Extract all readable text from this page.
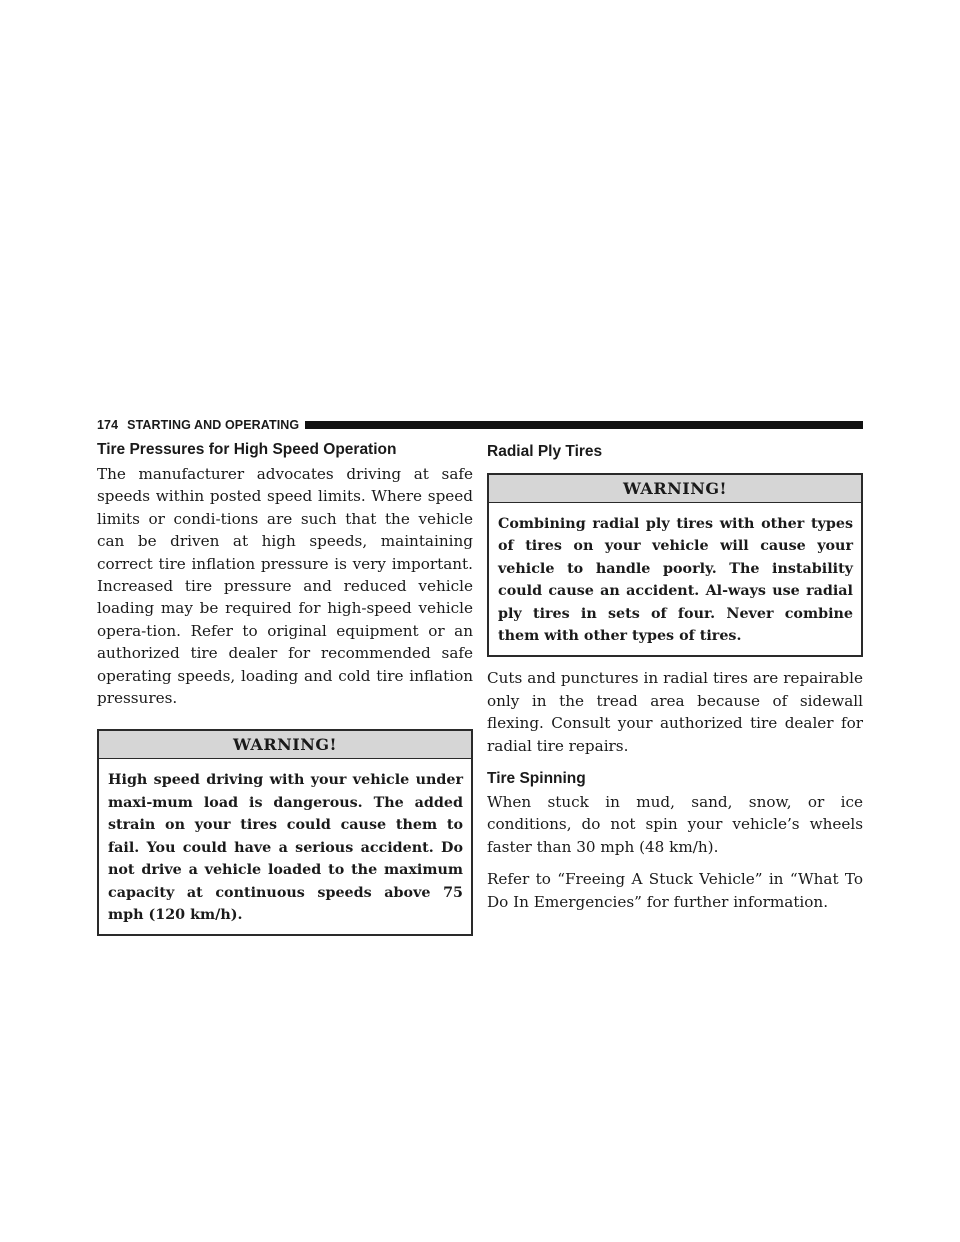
174 STARTING AND OPERATING
Tire Pressures for High Speed Operation

The manufacturer advocates driving at safe speeds within posted speed limits. Where speed limits or condi-tions are such that the vehicle can be driven at high speeds, maintaining correct tire inflation pressure is very important. Increased tire pressure and reduced vehicle loading may be required for high-speed vehicle opera-tion. Refer to original equipment or an authorized tire dealer for recommended safe operating speeds, loading and cold tire inflation pressures.

WARNING!
High speed driving with your vehicle under maxi-mum load is dangerous. The added strain on your tires could cause them to fail. You could have a serious accident. Do not drive a vehicle loaded to the maximum capacity at continuous speeds above 75 mph (120 km/h).
Radial Ply Tires
WARNING!
Combining radial ply tires with other types of tires on your vehicle will cause your vehicle to handle poorly. The instability could cause an accident. Al-ways use radial ply tires in sets of four. Never combine them with other types of tires.

Cuts and punctures in radial tires are repairable only in the tread area because of sidewall flexing. Consult your authorized tire dealer for radial tire repairs.

Tire Spinning

When stuck in mud, sand, snow, or ice conditions, do not spin your vehicle’s wheels faster than 30 mph (48 km/h).

Refer to “Freeing A Stuck Vehicle” in “What To Do In Emergencies” for further information.
